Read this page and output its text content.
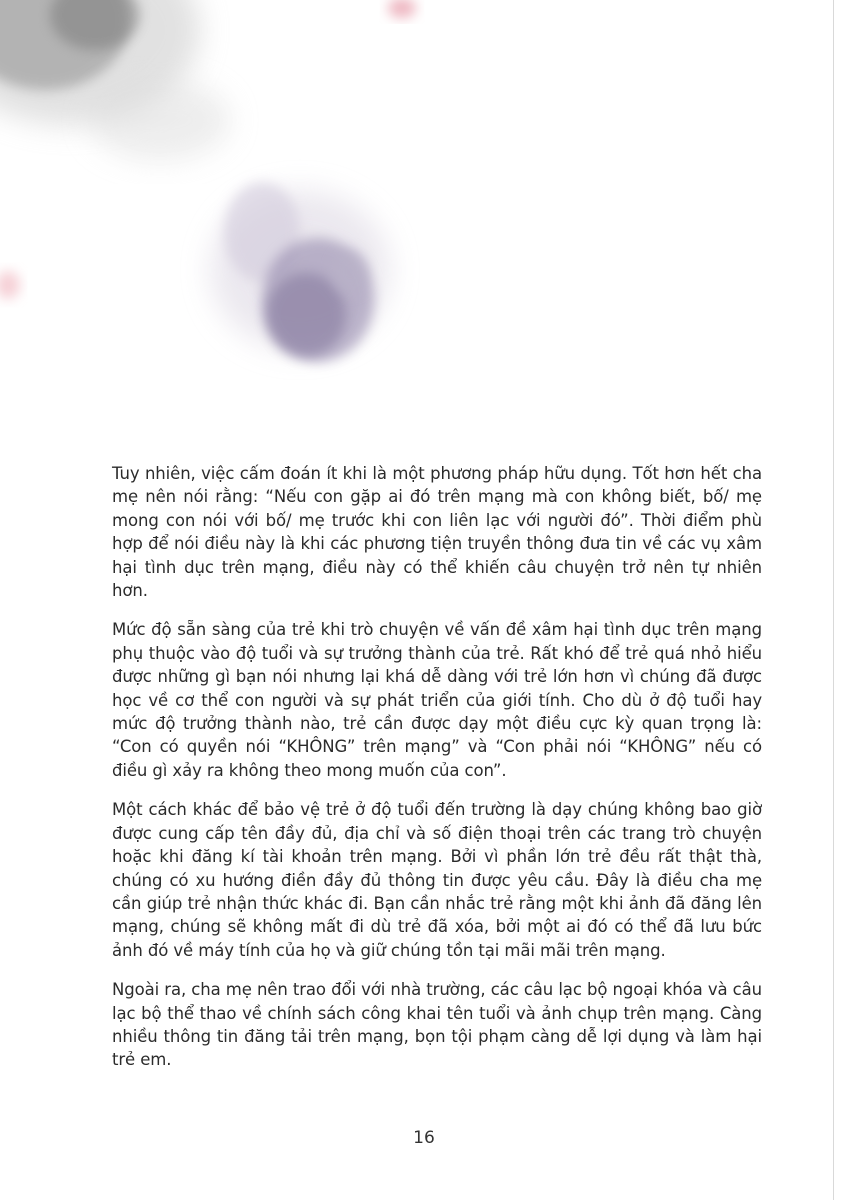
Tuy nhiên, việc cấm đoán ít khi là một phương pháp hữu dụng. Tốt hơn hết cha mẹ nên nói rằng: “Nếu con gặp ai đó trên mạng mà con không biết, bố/ mẹ mong con nói với bố/ mẹ trước khi con liên lạc với người đó”. Thời điểm phù hợp để nói điều này là khi các phương tiện truyền thông đưa tin về các vụ xâm hại tình dục trên mạng, điều này có thể khiến câu chuyện trở nên tự nhiên hơn.

Mức độ sẵn sàng của trẻ khi trò chuyện về vấn đề xâm hại tình dục trên mạng phụ thuộc vào độ tuổi và sự trưởng thành của trẻ. Rất khó để trẻ quá nhỏ hiểu được những gì bạn nói nhưng lại khá dễ dàng với trẻ lớn hơn vì chúng đã được học về cơ thể con người và sự phát triển của giới tính. Cho dù ở độ tuổi hay mức độ trưởng thành nào, trẻ cần được dạy một điều cực kỳ quan trọng là: “Con có quyền nói “KHÔNG” trên mạng” và “Con phải nói “KHÔNG” nếu có điều gì xảy ra không theo mong muốn của con”.

Một cách khác để bảo vệ trẻ ở độ tuổi đến trường là dạy chúng không bao giờ được cung cấp tên đầy đủ, địa chỉ và số điện thoại trên các trang trò chuyện hoặc khi đăng kí tài khoản trên mạng. Bởi vì phần lớn trẻ đều rất thật thà, chúng có xu hướng điền đầy đủ thông tin được yêu cầu. Đây là điều cha mẹ cần giúp trẻ nhận thức khác đi. Bạn cần nhắc trẻ rằng một khi ảnh đã đăng lên mạng, chúng sẽ không mất đi dù trẻ đã xóa, bởi một ai đó có thể đã lưu bức ảnh đó về máy tính của họ và giữ chúng tồn tại mãi mãi trên mạng.

Ngoài ra, cha mẹ nên trao đổi với nhà trường, các câu lạc bộ ngoại khóa và câu lạc bộ thể thao về chính sách công khai tên tuổi và ảnh chụp trên mạng. Càng nhiều thông tin đăng tải trên mạng, bọn tội phạm càng dễ lợi dụng và làm hại trẻ em.

16
